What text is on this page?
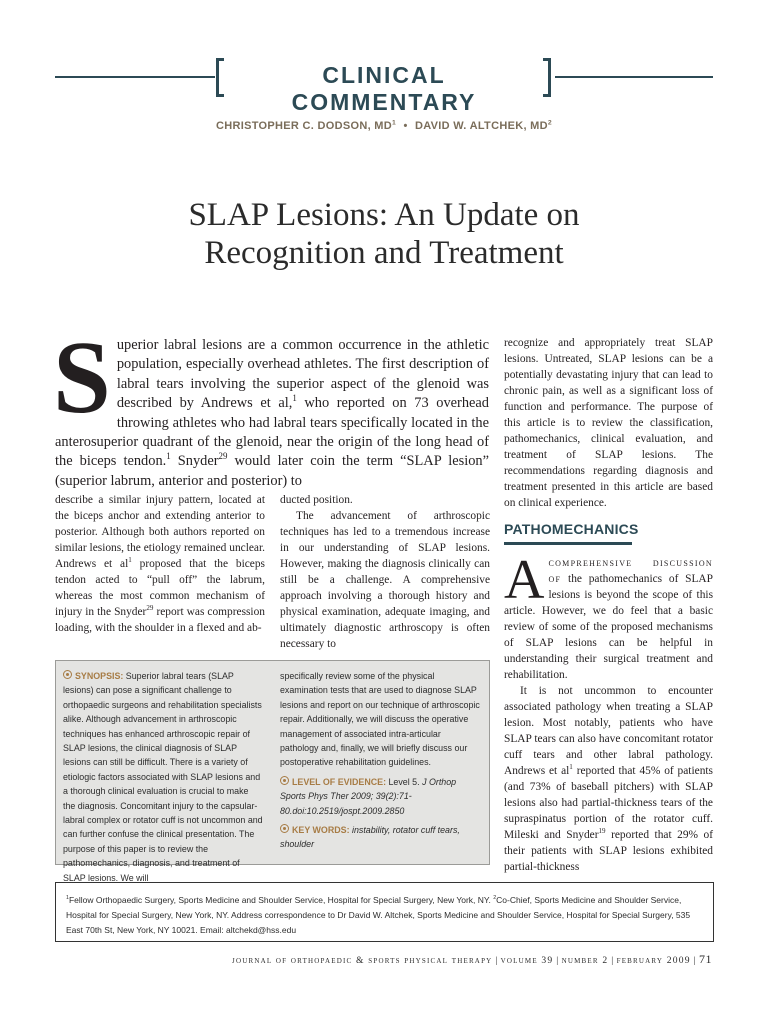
CLINICAL COMMENTARY
CHRISTOPHER C. DODSON, $MD^1$ • DAVID W. ALTCHEK, $MD^2$
SLAP Lesions: An Update on
Recognition and Treatment
Superior labral lesions are a common occurrence in the athletic population, especially overhead athletes. The first description of labral tears involving the superior aspect of the glenoid was described by Andrews et al,$^1$ who reported on 73 overhead throwing athletes who had labral tears specifically located in the anterosuperior quadrant of the glenoid, near the origin of the long head of the biceps tendon.$^1$ Snyder$^{29}$ would later coin the term “SLAP lesion” (superior labrum, anterior and posterior) to

describe a similar injury pattern, located at the biceps anchor and extending anterior to posterior. Although both authors reported on similar lesions, the etiology remained unclear. Andrews et $al^1$ proposed that the biceps tendon acted to “pull off” the labrum, whereas the most common mechanism of injury in the Snyder$^{29}$ report was compression loading, with the shoulder in a flexed and ab-

ducted position.

The advancement of arthroscopic techniques has led to a tremendous increase in our understanding of SLAP lesions. However, making the diagnosis clinically can still be a challenge. A comprehensive approach involving a thorough history and physical examination, adequate imaging, and ultimately diagnostic arthroscopy is often necessary to

recognize and appropriately treat SLAP lesions. Untreated, SLAP lesions can be a potentially devastating injury that can lead to chronic pain, as well as a significant loss of function and performance. The purpose of this article is to review the classification, pathomechanics, clinical evaluation, and treatment of SLAP lesions. The recommendations regarding diagnosis and treatment presented in this article are based on clinical experience.

PATHOMECHANICS

Acomprehensive discussion of the pathomechanics of SLAP lesions is beyond the scope of this article. However, we do feel that a basic review of some of the proposed mechanisms of SLAP lesions can be helpful in understanding their surgical treatment and rehabilitation.

It is not uncommon to encounter associated pathology when treating a SLAP lesion. Most notably, patients who have SLAP tears can also have concomitant rotator cuff tears and other labral pathology. Andrews et $al^1$ reported that 45% of patients (and 73% of baseball pitchers) with SLAP lesions also had partial-thickness tears of the supraspinatus portion of the rotator cuff. Mileski and Snyder$^{19}$ reported that 29% of their patients with SLAP lesions exhibited partial-thickness

SYNOPSIS: Superior labral tears (SLAP lesions) can pose a significant challenge to orthopaedic surgeons and rehabilitation specialists alike. Although advancement in arthroscopic techniques has enhanced arthroscopic repair of SLAP lesions, the clinical diagnosis of SLAP lesions can still be difficult. There is a variety of etiologic factors associated with SLAP lesions and a thorough clinical evaluation is crucial to make the diagnosis. Concomitant injury to the capsular-labral complex or rotator cuff is not uncommon and can further confuse the clinical presentation. The purpose of this paper is to review the pathomechanics, diagnosis, and treatment of SLAP lesions. We will
specifically review some of the physical examination tests that are used to diagnose SLAP lesions and report on our technique of arthroscopic repair. Additionally, we will discuss the operative management of associated intra-articular pathology and, finally, we will briefly discuss our postoperative rehabilitation guidelines.
LEVEL OF EVIDENCE: Level 5. J Orthop Sports Phys Ther 2009; 39(2):71-80.doi:10.2519/jospt.2009.2850
KEY WORDS: instability, rotator cuff tears, shoulder
$^1$Fellow Orthopaedic Surgery, Sports Medicine and Shoulder Service, Hospital for Special Surgery, New York, NY. $^2$Co-Chief, Sports Medicine and Shoulder Service, Hospital for Special Surgery, New York, NY. Address correspondence to Dr David W. Altchek, Sports Medicine and Shoulder Service, Hospital for Special Surgery, 535 East 70th St, New York, NY 10021. Email: altchekd@hss.edu
journal of orthopaedic & sports physical therapy | volume 39 | number 2 | february 2009 | 71
